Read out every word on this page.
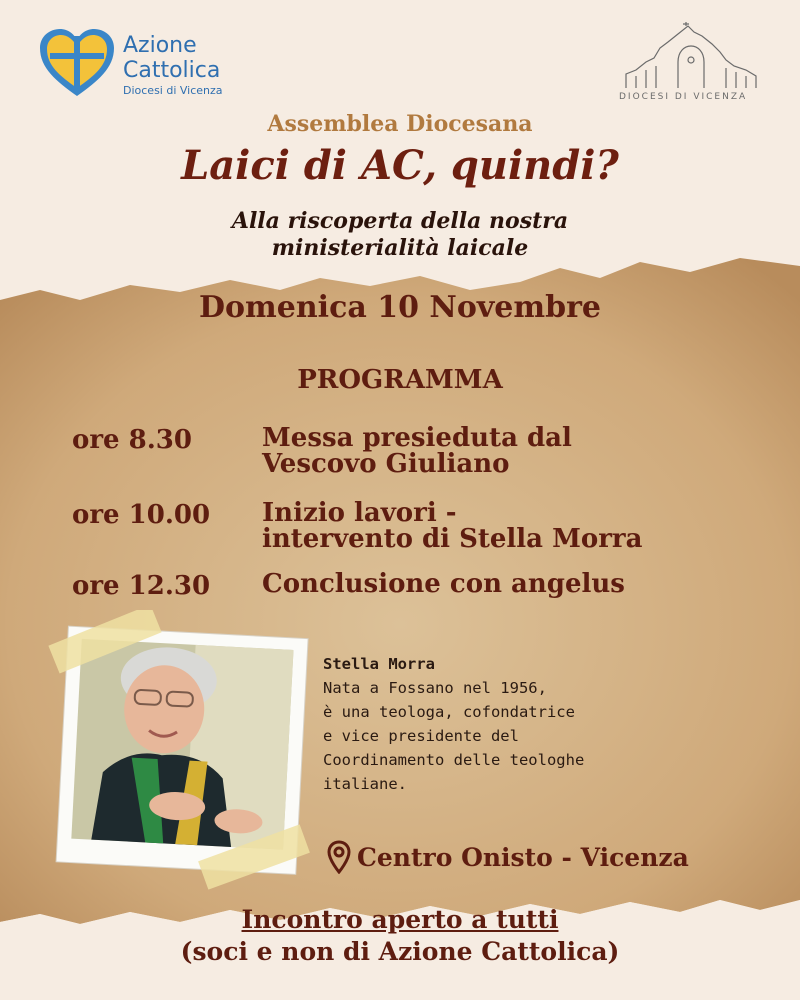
Azione
Cattolica
Diocesi di Vicenza	DIOCESI DI VICENZA
Assemblea Diocesana
Laici di AC, quindi?
Alla riscoperta della nostra
ministerialità laicale
Domenica 10 Novembre
PROGRAMMA
ore 8.30	Messa presieduta dal
Vescovo Giuliano
ore 10.00 Inizio lavori -
intervento di Stella Morra
ore 12.30 Conclusione con angelus
Stella Morra
Nata a Fossano nel 1956,
è una teologa, cofondatrice
e vice presidente del
Coordinamento delle teologhe
italiane.
Centro Onisto - Vicenza
Incontro aperto a tutti
(soci e non di Azione Cattolica)
